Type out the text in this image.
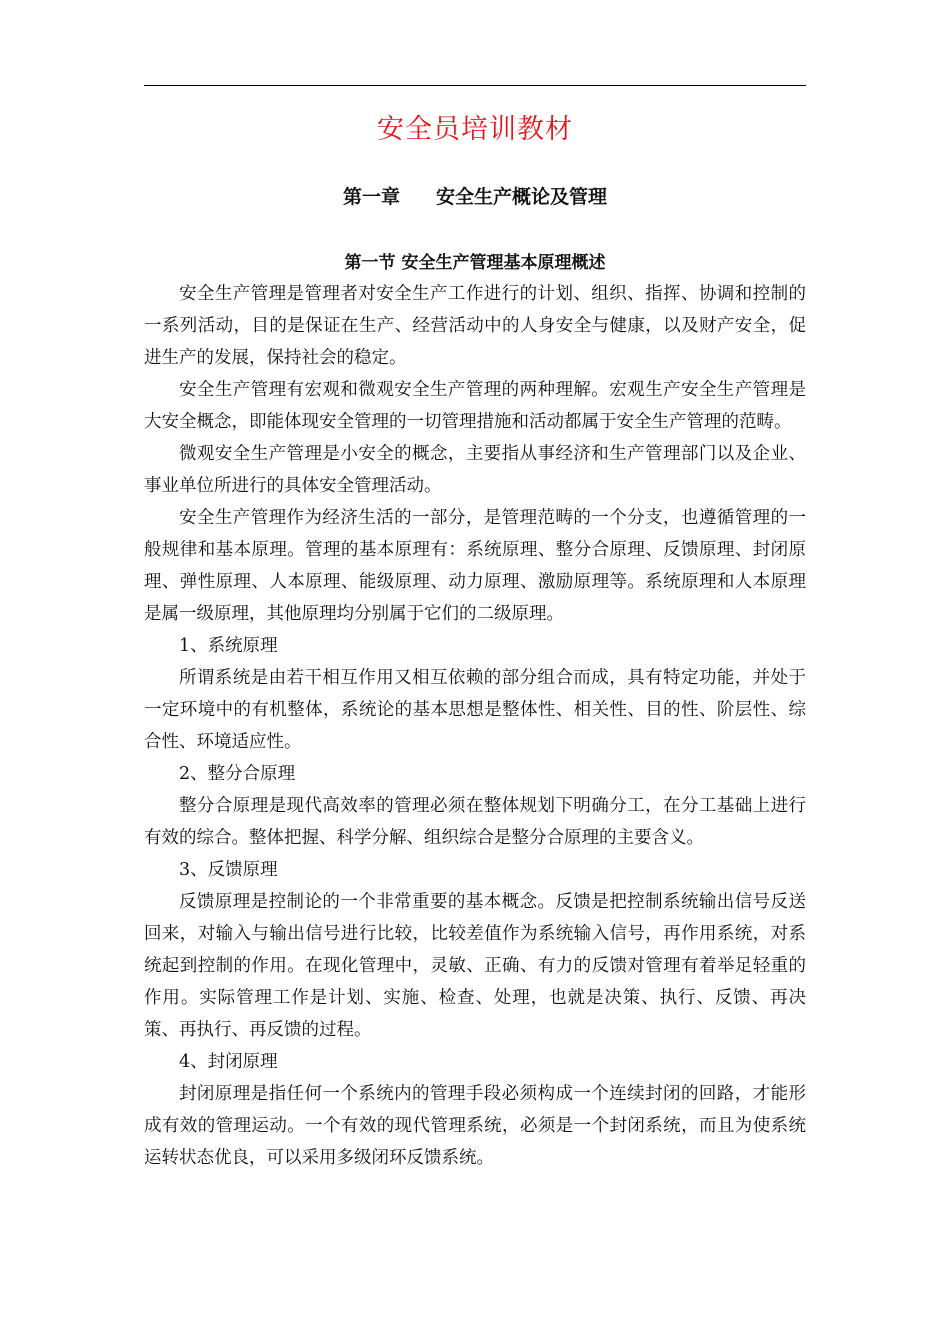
安全员培训教材
第一章 安全生产概论及管理
第一节 安全生产管理基本原理概述

安全生产管理是管理者对安全生产工作进行的计划、组织、指挥、协调和控制的一系列活动，目的是保证在生产、经营活动中的人身安全与健康，以及财产安全，促进生产的发展，保持社会的稳定。

安全生产管理有宏观和微观安全生产管理的两种理解。宏观生产安全生产管理是大安全概念，即能体现安全管理的一切管理措施和活动都属于安全生产管理的范畴。

微观安全生产管理是小安全的概念，主要指从事经济和生产管理部门以及企业、事业单位所进行的具体安全管理活动。

安全生产管理作为经济生活的一部分，是管理范畴的一个分支，也遵循管理的一般规律和基本原理。管理的基本原理有：系统原理、整分合原理、反馈原理、封闭原理、弹性原理、人本原理、能级原理、动力原理、激励原理等。系统原理和人本原理是属一级原理，其他原理均分别属于它们的二级原理。

1、系统原理

所谓系统是由若干相互作用又相互依赖的部分组合而成，具有特定功能，并处于一定环境中的有机整体，系统论的基本思想是整体性、相关性、目的性、阶层性、综合性、环境适应性。

2、整分合原理

整分合原理是现代高效率的管理必须在整体规划下明确分工，在分工基础上进行有效的综合。整体把握、科学分解、组织综合是整分合原理的主要含义。

3、反馈原理

反馈原理是控制论的一个非常重要的基本概念。反馈是把控制系统输出信号反送回来，对输入与输出信号进行比较，比较差值作为系统输入信号，再作用系统，对系统起到控制的作用。在现化管理中，灵敏、正确、有力的反馈对管理有着举足轻重的作用。实际管理工作是计划、实施、检查、处理，也就是决策、执行、反馈、再决策、再执行、再反馈的过程。

4、封闭原理

封闭原理是指任何一个系统内的管理手段必须构成一个连续封闭的回路，才能形成有效的管理运动。一个有效的现代管理系统，必须是一个封闭系统，而且为使系统运转状态优良，可以采用多级闭环反馈系统。
